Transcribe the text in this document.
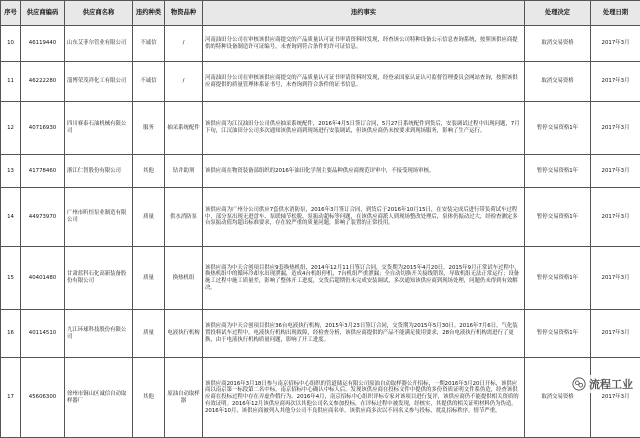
序号	供应商编码	供应商名称	违约种类	物资品种	违约事实	处理决定	处理日期
10	46119440	山东艾菲尔管业有限公司	不诚信	/	河南油田分公司在审核该供应商提交的产品质量认可证书审请资料时发现，经查该公司特种设备公示信息查询系统，按照该供应商提供的特种设备制造许可证编号，未查询到符合条件的许可证信息。	取消交易资格	2017年3月
11	46222280	淄博荣茂祥化工有限公司	不诚信	/	河南油田分公司在审核该供应商提交的产品质量认可证书审请资料时发现，经登录国家认证认可监督管理委员会网站查询，按照该供应商提供的质量管理体系证书号，未查询到符合条件的证书信息。	取消交易资格	2017年3月
12	40716930	四川赛泰石油机械有限公司	服务	抽采系统配件	该供应商为江汉油田分公司供应抽采系统配件，2016年4月5日签订合同，5月27日系统配件到货后，安装调试过程中出现问题，7月下旬，江汉油田分公司多次通知该供应商到现场进行安装调试，但该供应商仍未按要求到现场服务，影响了生产运行。	暂停交易资格1年	2017年3月
13	41778460	浙江仁智股份有限公司	其他	钻井助剂	该供应商在物资装备部组织的2016年油田化学剂主要品种供应商规范评审中，不接受现场审核。	暂停交易资格1年	2017年3月
14	44973970	广州市昕恒泵业制造有限公司	质量	供水消防泵	该供应商为广州分公司供应7套供水消防泵，2016年3月签订合同，到货后于2016年10月15日，在安装完成后进行带负荷试车过程中，部分泵出现无进盘车、泵联轴节松脱、泵振动超标等问题，在该供应商派人到现场整改处理后，泵体仍振动过大，经检查测定多台泵振动值均超出标准要求，存在较严重的质量问题，影响了装置的正常投用。	暂停交易资格1年	2017年3月
15	40401480	甘肃蓝科石化高新装备股份有限公司	质量	换热机组	该供应商为中天合创项目供应9套换热机组，2014年12月11日签订合同，交货期为2015年4月20日。2015年9月正常试车过程中，换热机组中的循环冷却水出现泄漏，造成4台机组停机，7台机组严重泄漏；全自动切换开关接线错误，导致机组无法正常运行；设备施工过程中施工质量差，影响了整体开工进度，交货后超期仍未完成安装调试，多次通知该供应商到现场处理，问题仍未得到有效解决。	暂停交易资格1年	2017年3月
16	40114510	九江环球科技股份有限公司	质量	电液执行机构	该供应商为中天合创项目供应36台电液执行机构，2015年3月23日签订合同，交货期为2015年5月30日。2016年7月6日，气化装置投料试车过程中，电液执行机构出现故障，经检查分析，该供应商提供的产品不能满足使用要求，28台电液执行机构需进行了更换，由于电液执行机构质量问题，影响了开工进度。	暂停交易资格1年	2017年3月
17	45606300	徐州市铜山区诚信自动取样器厂	其他	原油自动取样器	该供应商2016年3月18日参与南京招标中心组织的管道储运有限公司原油自动取样器公开招标，一期2016年3月20日开标，该供应商以南京第一标段第二名中标，南京招标中心确认中标人后，发现该供应商在投标文件中提供的多份资质证明文件系伪造，经查该供应商在投标过程中存在弄虚作假行为。2016年4月，南京招标中心组织评标专家对该项目进行复评，该供应商仍不能提供相关资质的有效证明。2016年12月该供应商再次以其他公司名义参加投标，在评标过程中被发现，经核实，其提供的相关证明材料仍为伪造。2016年10月，该供应商被列入其他分公司不良供应商名单，该供应商多次以不同名义参与投标，扰乱招标秩序，情节严重。	取消交易资格	2017年3月
流程工业
